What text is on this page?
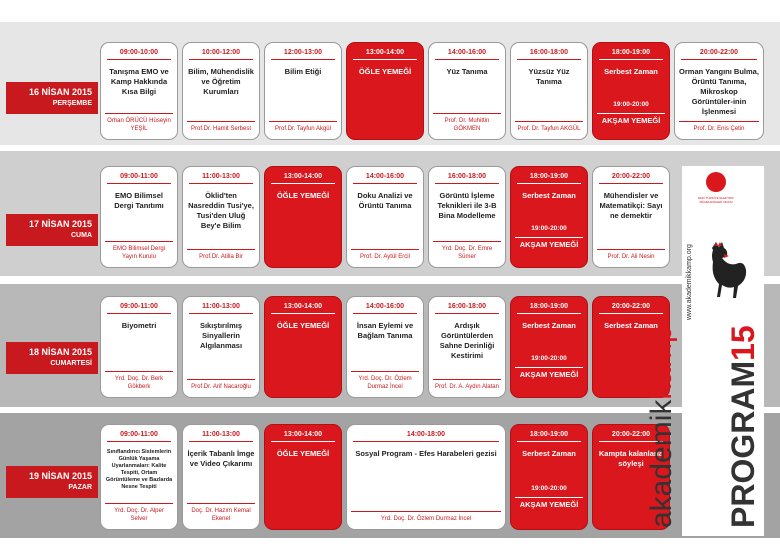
16 NİSAN 2015
PERŞEMBE
17 NİSAN 2015
CUMA
18 NİSAN 2015
CUMARTESİ
19 NİSAN 2015
PAZAR
09:00-10:00
Tanışma EMO ve Kamp Hakkında Kısa Bilgi
Orhan ÖRÜCÜ Hüseyin YEŞİL
10:00-12:00
Bilim, Mühendislik ve Öğretim Kurumları
Prof.Dr. Hamit Serbest
12:00-13:00
Bilim Etiği
Prof.Dr. Tayfun Akgül
13:00-14:00
ÖĞLE YEMEĞİ
14:00-16:00
Yüz Tanıma
Prof. Dr. Muhittin GÖKMEN
16:00-18:00
Yüzsüz Yüz Tanıma
Prof. Dr. Tayfun AKGÜL
18:00-19:00
Serbest Zaman
19:00-20:00
AKŞAM YEMEĞİ
20:00-22:00
Orman Yangını Bulma, Örüntü Tanıma, Mikroskop Görüntüler-inin İşlenmesi
Prof. Dr. Enis Çetin
09:00-11:00
EMO Bilimsel Dergi Tanıtımı
EMO Bilimsel Dergi Yayın Kurulu
11:00-13:00
Öklid'ten Nasreddin Tusi'ye, Tusi'den Uluğ Bey'e Bilim
Prof.Dr. Atilla Bir
13:00-14:00
ÖĞLE YEMEĞİ
14:00-16:00
Doku Analizi ve Örüntü Tanıma
Prof. Dr. Aytül Ercil
16:00-18:00
Görüntü İşleme Teknikleri ile 3-B Bina Modelleme
Yrd. Doç. Dr. Emre Sümer
18:00-19:00
Serbest Zaman
19:00-20:00
AKŞAM YEMEĞİ
20:00-22:00
Mühendisler ve Matematikçi: Sayı ne demektir
Prof. Dr. Ali Nesin
09:00-11:00
Biyometri
Yrd. Doç. Dr. Berk Gökberk
11:00-13:00
Sıkıştırılmış Sinyallerin Algılanması
Prof.Dr. Arif Nacaroğlu
13:00-14:00
ÖĞLE YEMEĞİ
14:00-16:00
İnsan Eylemi ve Bağlam Tanıma
Yrd. Doç. Dr. Özlem Durmaz İncel
16:00-18:00
Ardışık Görüntülerden Sahne Derinliği Kestirimi
Prof. Dr. A. Aydın Alatan
18:00-19:00
Serbest Zaman
19:00-20:00
AKŞAM YEMEĞİ
20:00-22:00
Serbest Zaman
09:00-11:00
Sınıflandırıcı Sistemlerin Günlük Yaşama Uyarlanmaları: Kalite Tespiti, Ortam Görüntüleme ve Bazlarda Nesne Tespiti
Yrd. Doç. Dr. Alper Selver
11:00-13:00
İçerik Tabanlı İmge ve Video Çıkarımı
Doç. Dr. Hazım Kemal Ekenel
13:00-14:00
ÖĞLE YEMEĞİ
14:00-18:00
Sosyal Program - Efes Harabeleri gezisi
Yrd. Doç. Dr. Özlem Durmaz İncel
18:00-19:00
Serbest Zaman
19:00-20:00
AKŞAM YEMEĞİ
20:00-22:00
Kampta kalanlarla söyleşi
EMO TÜRKİYE ELEKTRİK MÜHENDİSLERİ ODASI
akademikkamp PROGRAM15
www.akademikkamp.org
